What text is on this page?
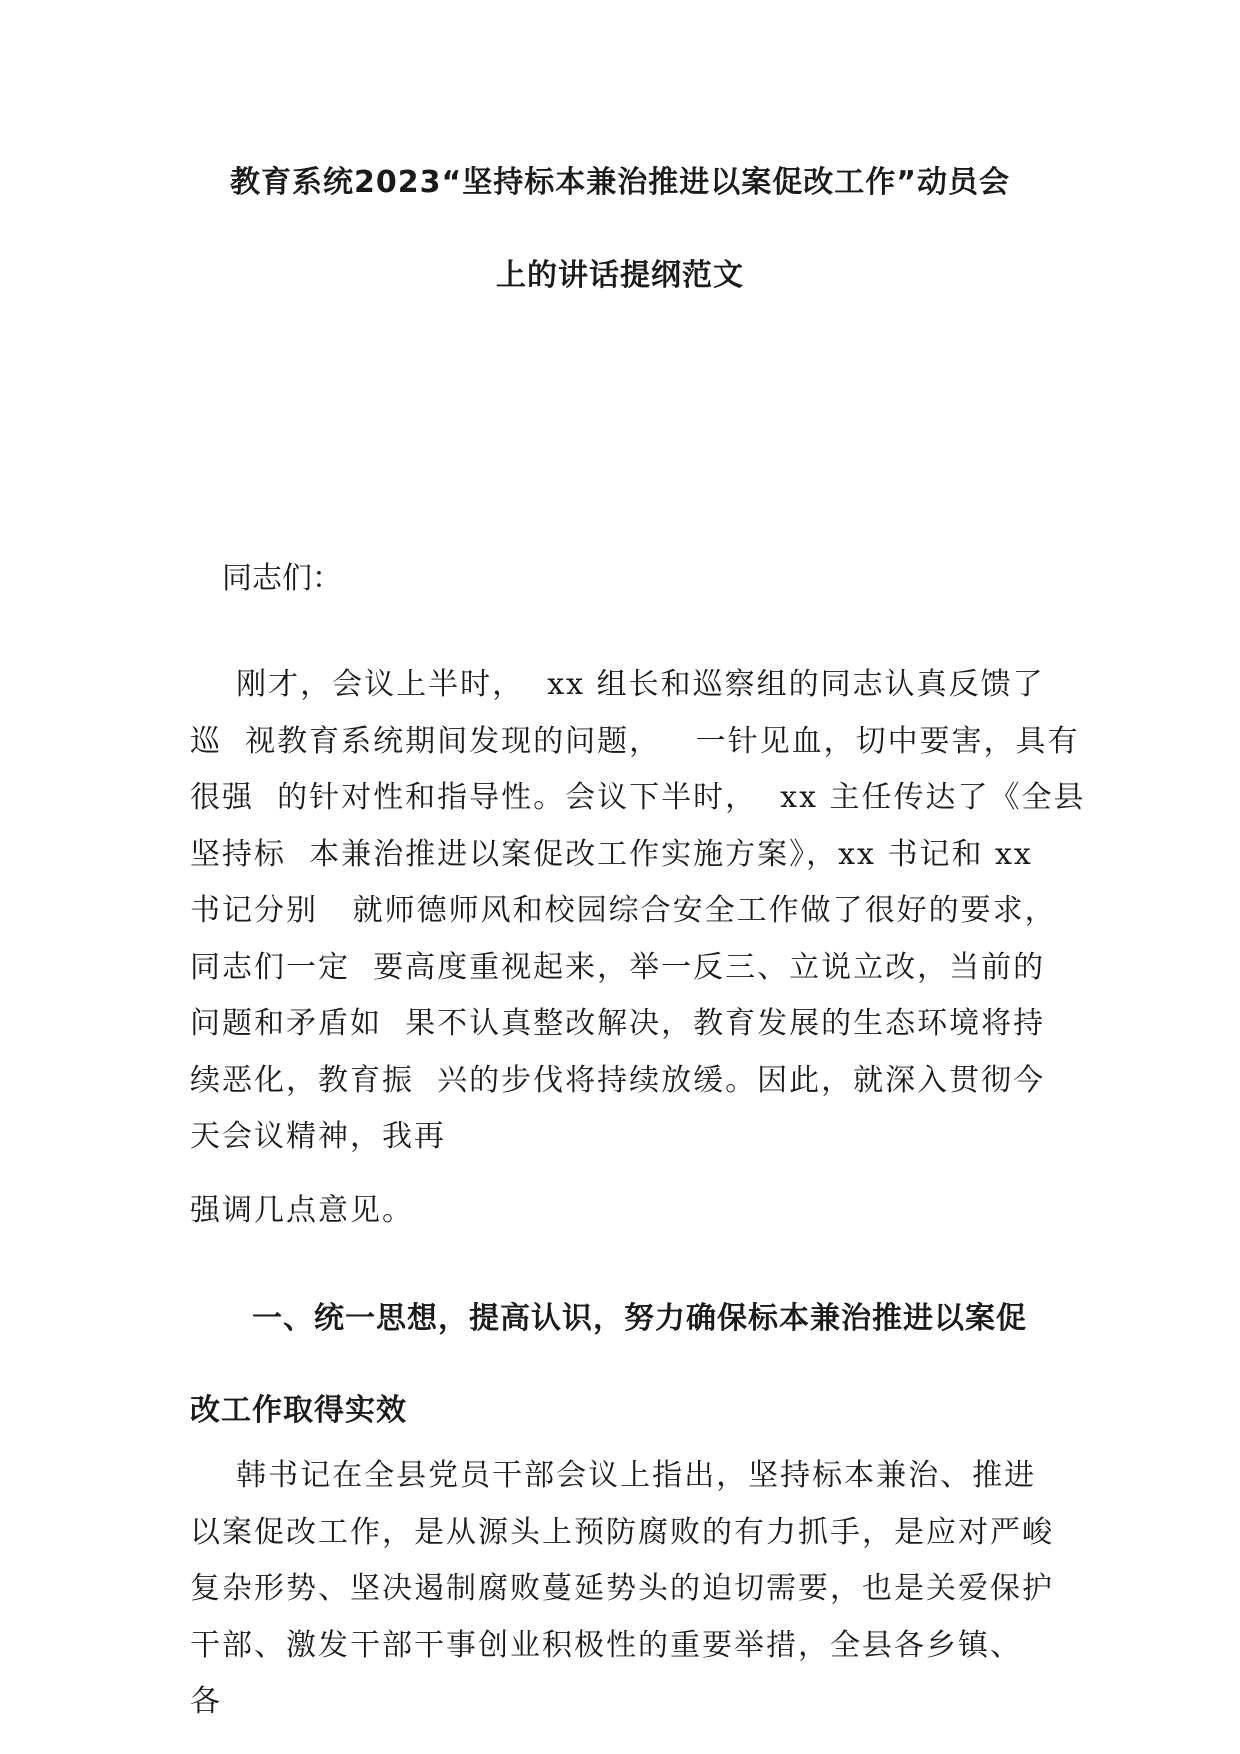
教育系统2023“坚持标本兼治推进以案促改工作”动员会
上的讲话提纲范文
同志们：
刚才，会议上半时，  xx 组长和巡察组的同志认真反馈了
巡  视教育系统期间发现的问题，   一针见血，切中要害，具有
很强  的针对性和指导性。会议下半时，  xx 主任传达了《全县
坚持标  本兼治推进以案促改工作实施方案》，xx 书记和 xx
书记分别   就师德师风和校园综合安全工作做了很好的要求，
同志们一定  要高度重视起来，举一反三、立说立改，当前的
问题和矛盾如  果不认真整改解决，教育发展的生态环境将持
续恶化，教育振  兴的步伐将持续放缓。因此，就深入贯彻今
天会议精神，我再
强调几点意见。
一、统一思想，提高认识，努力确保标本兼治推进以案促
改工作取得实效
韩书记在全县党员干部会议上指出，坚持标本兼治、推进
以案促改工作，是从源头上预防腐败的有力抓手，是应对严峻
复杂形势、坚决遏制腐败蔓延势头的迫切需要，也是关爱保护
干部、激发干部干事创业积极性的重要举措，全县各乡镇、
各
